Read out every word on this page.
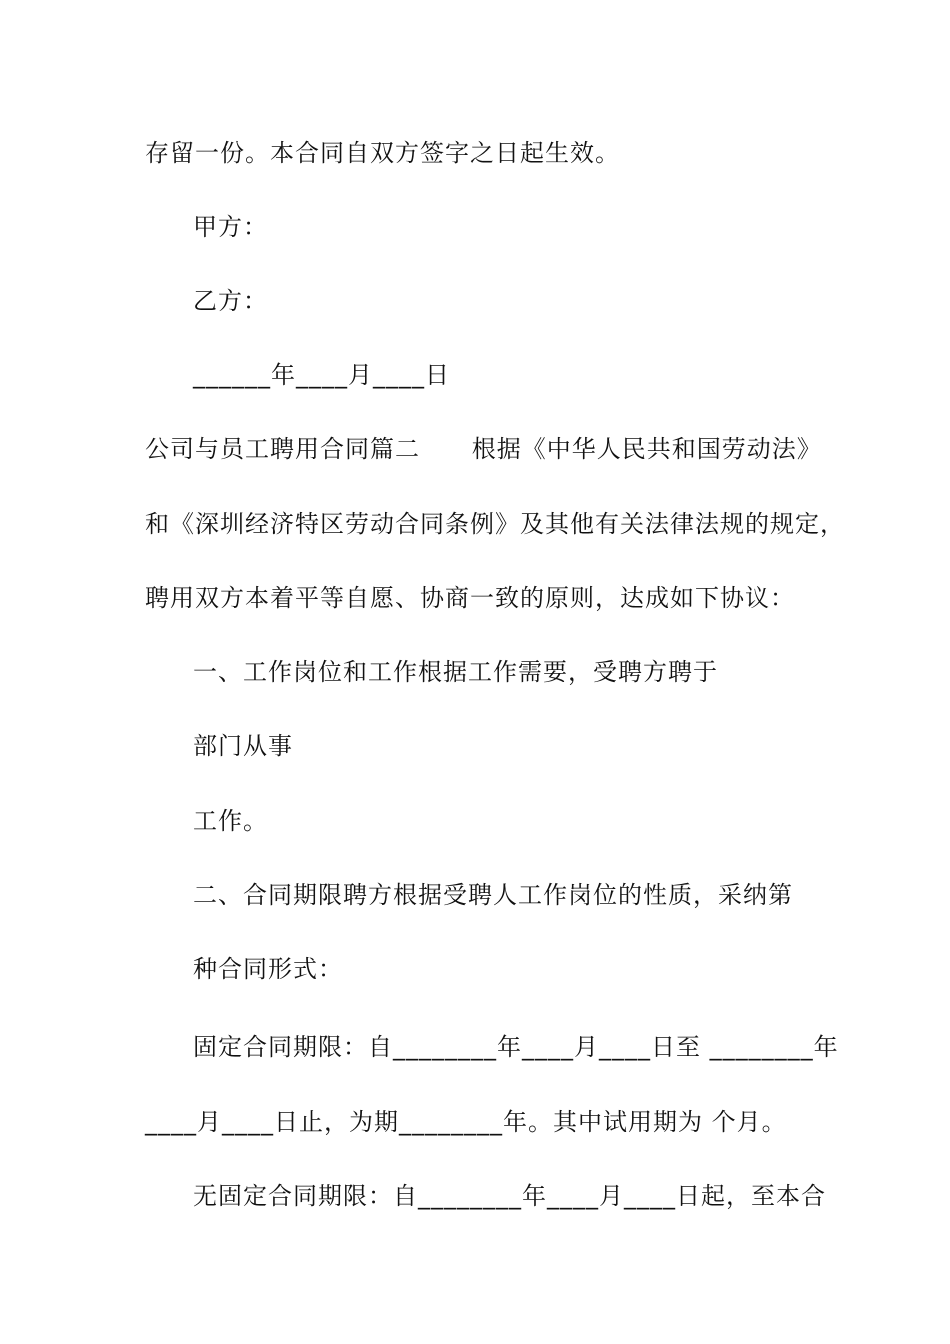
存留一份。本合同自双方签字之日起生效。
甲方：
乙方：
______年____月____日
公司与员工聘用合同篇二      根据《中华人民共和国劳动法》
和《深圳经济特区劳动合同条例》及其他有关法律法规的规定，
聘用双方本着平等自愿、协商一致的原则，达成如下协议：
一、工作岗位和工作根据工作需要，受聘方聘于
部门从事
工作。
二、合同期限聘方根据受聘人工作岗位的性质，采纳第
种合同形式：
固定合同期限：自________年____月____日至 ________年
____月____日止，为期________年。其中试用期为 个月。
无固定合同期限：自________年____月____日起，至本合
